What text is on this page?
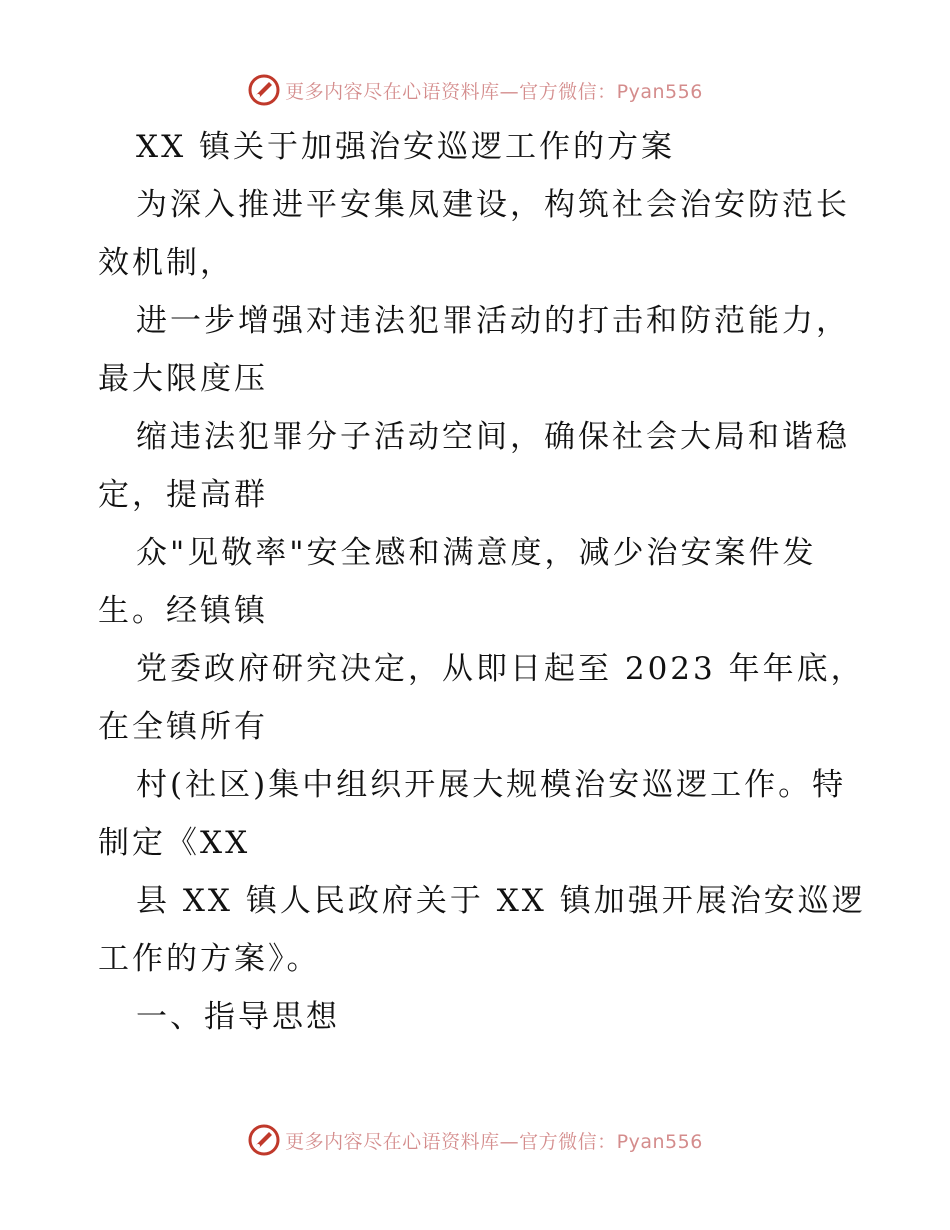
更多内容尽在心语资料库—官方微信：Pyan556

XX 镇关于加强治安巡逻工作的方案

为深入推进平安集凤建设，构筑社会治安防范长

效机制，

进一步增强对违法犯罪活动的打击和防范能力，

最大限度压

缩违法犯罪分子活动空间，确保社会大局和谐稳

定，提高群

众"见敬率"安全感和满意度，减少治安案件发

生。经镇镇

党委政府研究决定，从即日起至 2023 年年底，

在全镇所有

村(社区)集中组织开展大规模治安巡逻工作。特

制定《XX

县 XX 镇人民政府关于 XX 镇加强开展治安巡逻

工作的方案》。

一、指导思想

更多内容尽在心语资料库—官方微信：Pyan556
